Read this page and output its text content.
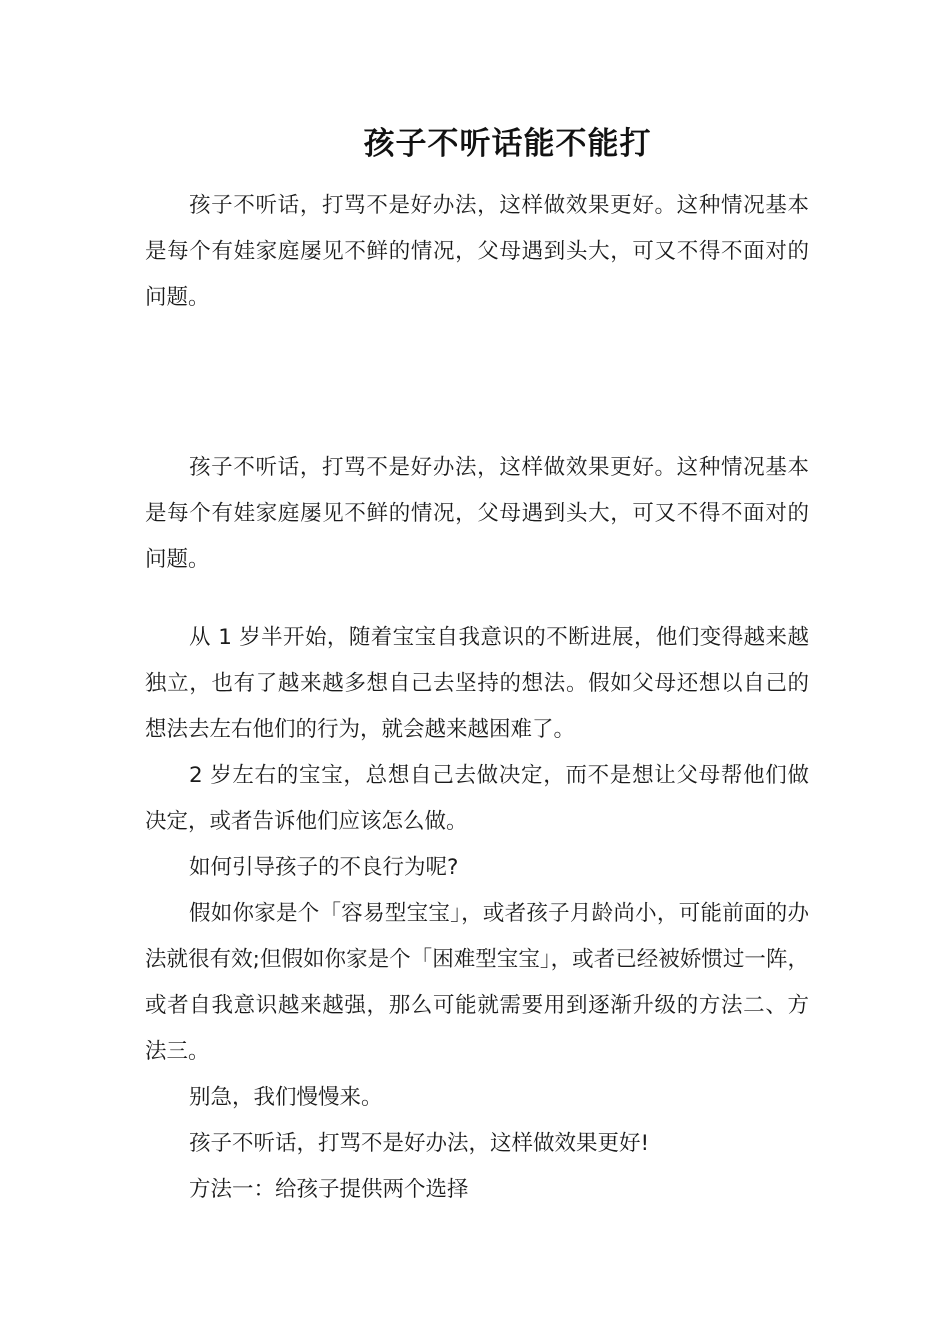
孩子不听话能不能打

孩子不听话，打骂不是好办法，这样做效果更好。这种情况基本是每个有娃家庭屡见不鲜的情况，父母遇到头大，可又不得不面对的问题。

孩子不听话，打骂不是好办法，这样做效果更好。这种情况基本是每个有娃家庭屡见不鲜的情况，父母遇到头大，可又不得不面对的问题。

从 1 岁半开始，随着宝宝自我意识的不断进展，他们变得越来越独立，也有了越来越多想自己去坚持的想法。假如父母还想以自己的想法去左右他们的行为，就会越来越困难了。

2 岁左右的宝宝，总想自己去做决定，而不是想让父母帮他们做决定，或者告诉他们应该怎么做。

如何引导孩子的不良行为呢?

假如你家是个「容易型宝宝」，或者孩子月龄尚小，可能前面的办法就很有效;但假如你家是个「困难型宝宝」，或者已经被娇惯过一阵，或者自我意识越来越强，那么可能就需要用到逐渐升级的方法二、方法三。

别急，我们慢慢来。

孩子不听话，打骂不是好办法，这样做效果更好!

方法一：给孩子提供两个选择
